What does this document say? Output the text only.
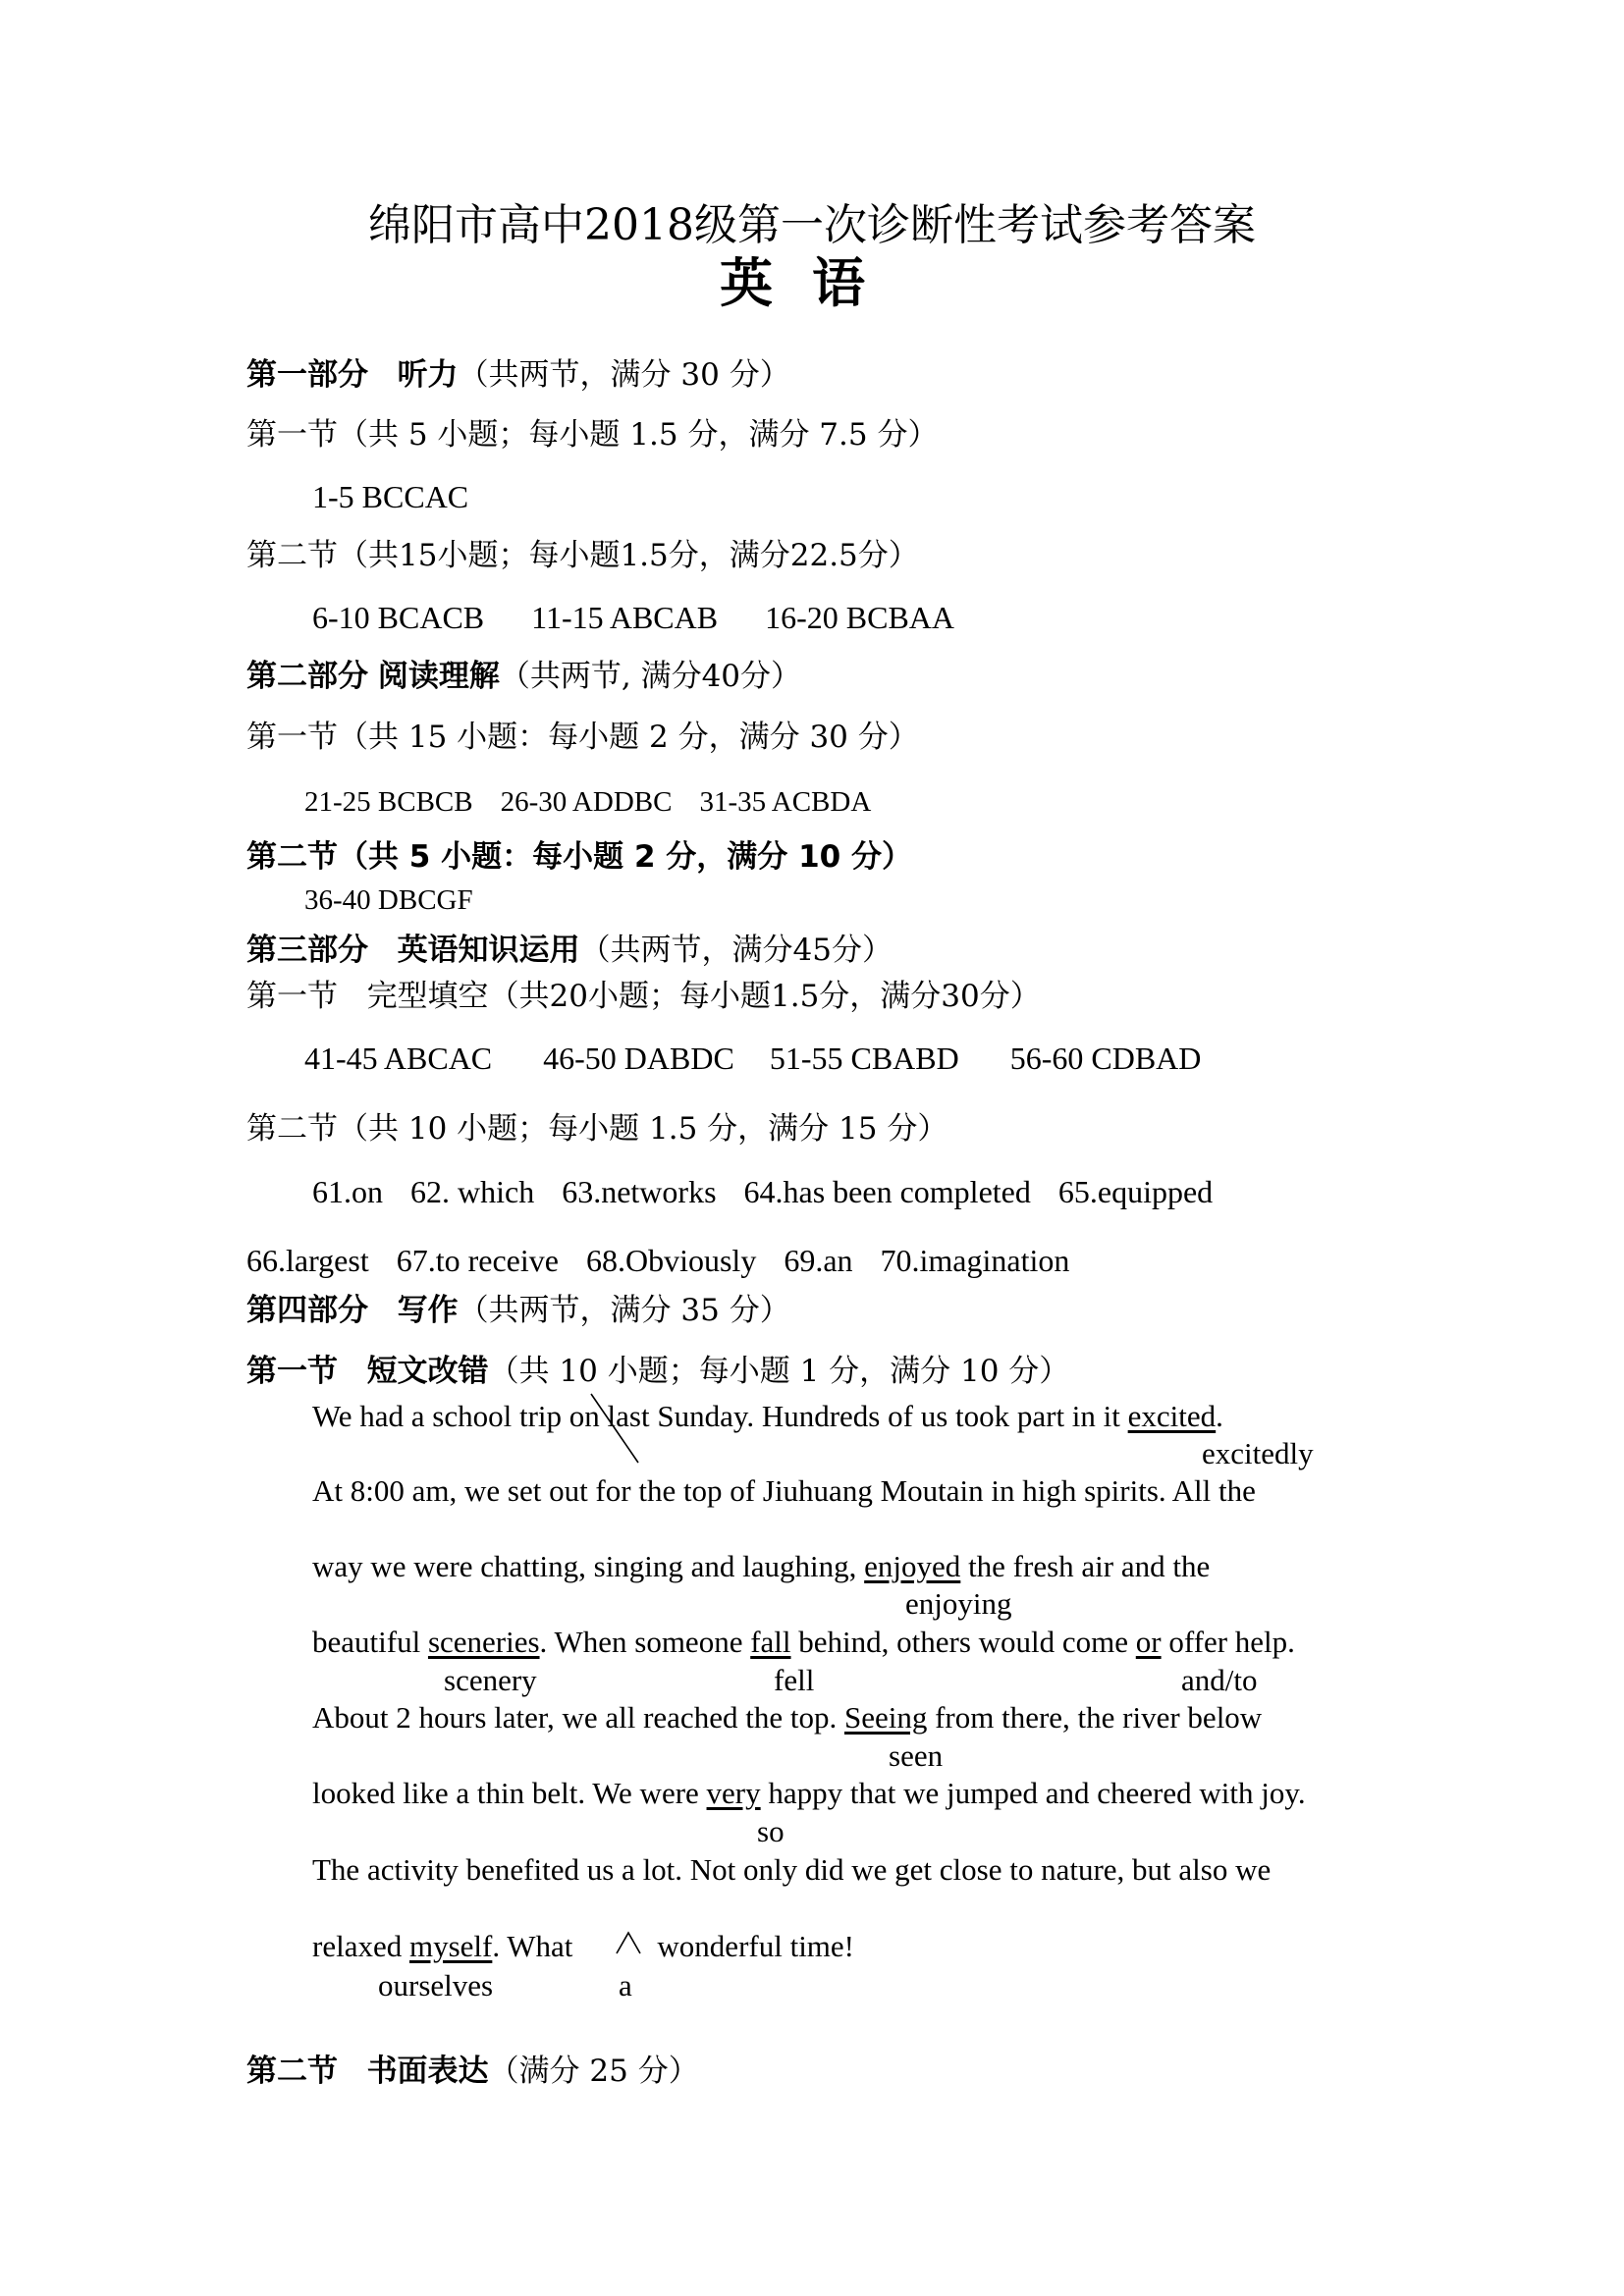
绵阳市高中2018级第一次诊断性考试参考答案
英语
第一部分 听力（共两节，满分 30 分）
第一节（共 5 小题；每小题 1.5 分，满分 7.5 分）
1-5 BCCAC
第二节（共15小题；每小题1.5分，满分22.5分）
6-10 BCACB 11-15 ABCAB 16-20 BCBAA
第二部分 阅读理解（共两节, 满分40分）
第一节（共 15 小题：每小题 2 分，满分 30 分）
21-25 BCBCB 26-30 ADDBC 31-35 ACBDA
第二节（共 5 小题：每小题 2 分，满分 10 分）
36-40 DBCGF
第三部分 英语知识运用（共两节，满分45分）
第一节 完型填空（共20小题；每小题1.5分，满分30分）
41-45 ABCAC 46-50 DABDC 51-55 CBABD 56-60 CDBAD
第二节（共 10 小题；每小题 1.5 分，满分 15 分）
61.on 62. which 63.networks 64.has been completed 65.equipped
66.largest 67.to receive 68.Obviously 69.an 70.imagination
第四部分 写作（共两节，满分 35 分）
第一节 短文改错（共 10 小题；每小题 1 分，满分 10 分）
We had a school trip on last Sunday. Hundreds of us took part in it excited.
excitedly
At 8:00 am, we set out for the top of Jiuhuang Moutain in high spirits. All the
way we were chatting, singing and laughing, enjoyed the fresh air and the
enjoying
beautiful sceneries. When someone fall behind, others would come or offer help.
scenery	fell	and/to
About 2 hours later, we all reached the top. Seeing from there, the river below
seen
looked like a thin belt. We were very happy that we jumped and cheered with joy.
so
The activity benefited us a lot. Not only did we get close to nature, but also we
relaxed myself. What	wonderful time!
ourselves	a
第二节 书面表达（满分 25 分）
